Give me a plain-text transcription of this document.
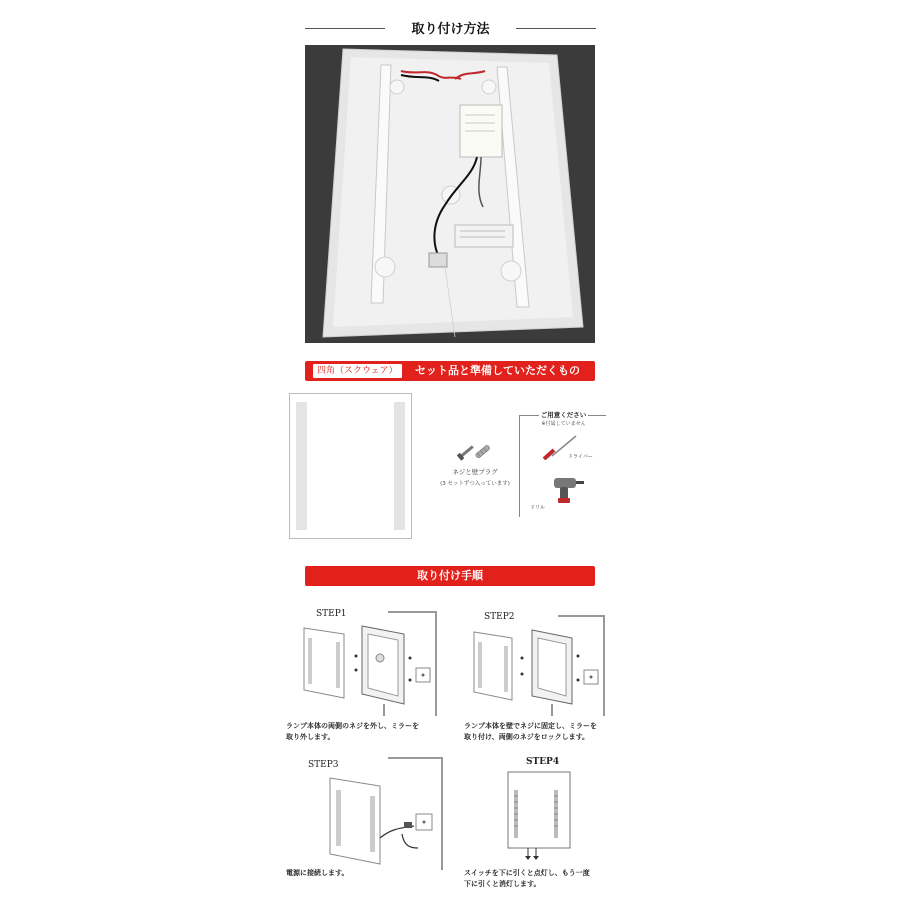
取り付け方法
四角（スクウェア）	セット品と準備していただくもの
ネジと壁プラグ
(3 セットずつ入っています)
ご用意ください
※付属していません
ドライバー
ドリル
取り付け手順
STEP1
ランプ本体の両側のネジを外し、ミラーを
取り外します。
STEP2
ランプ本体を壁でネジに固定し、ミラーを
取り付け、両側のネジをロックします。
STEP3
電源に接続します。
STEP4
スイッチを下に引くと点灯し、もう一度
下に引くと消灯します。
